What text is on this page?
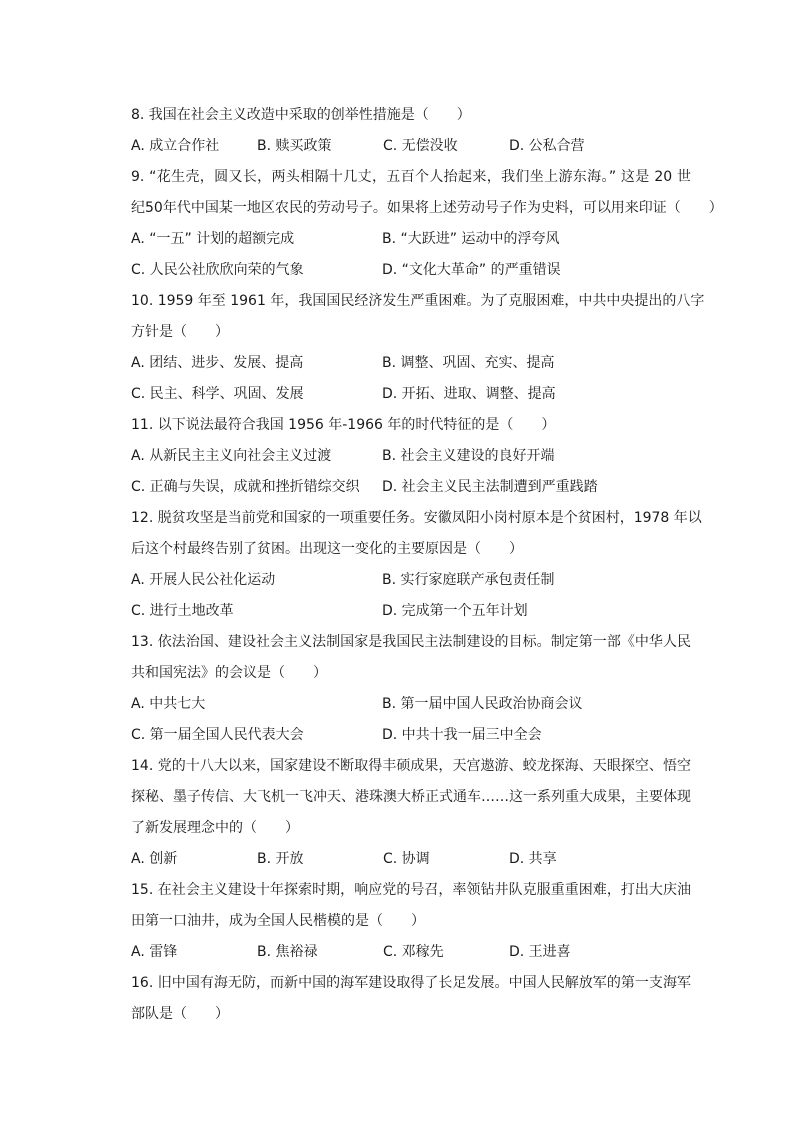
8. 我国在社会主义改造中采取的创举性措施是（　　）
A. 成立合作社	B. 赎买政策	C. 无偿没收	D. 公私合营
9. “花生壳，圆又长，两头相隔十几丈，五百个人抬起来，我们坐上游东海。” 这是 20 世
纪50年代中国某一地区农民的劳动号子。如果将上述劳动号子作为史料，可以用来印证（　　）
A. “一五” 计划的超额完成	B. “大跃进” 运动中的浮夸风
C. 人民公社欣欣向荣的气象	D. “文化大革命” 的严重错误
10. 1959 年至 1961 年，我国国民经济发生严重困难。为了克服困难，中共中央提出的八字
方针是（　　）
A. 团结、进步、发展、提高	B. 调整、巩固、充实、提高
C. 民主、科学、巩固、发展	D. 开拓、进取、调整、提高
11. 以下说法最符合我国 1956 年-1966 年的时代特征的是（　　）
A. 从新民主主义向社会主义过渡	B. 社会主义建设的良好开端
C. 正确与失误，成就和挫折错综交织	D. 社会主义民主法制遭到严重践踏
12. 脱贫攻坚是当前党和国家的一项重要任务。安徽凤阳小岗村原本是个贫困村，1978 年以
后这个村最终告别了贫困。出现这一变化的主要原因是（　　）
A. 开展人民公社化运动	B. 实行家庭联产承包责任制
C. 进行土地改革	D. 完成第一个五年计划
13. 依法治国、建设社会主义法制国家是我国民主法制建设的目标。制定第一部《中华人民
共和国宪法》的会议是（　　）
A. 中共七大	B. 第一届中国人民政治协商会议
C. 第一届全国人民代表大会	D. 中共十我一届三中全会
14. 党的十八大以来，国家建设不断取得丰硕成果，天宫遨游、蛟龙探海、天眼探空、悟空
探秘、墨子传信、大飞机一飞冲天、港珠澳大桥正式通车……这一系列重大成果，主要体现
了新发展理念中的（　　）
A. 创新	B. 开放	C. 协调	D. 共享
15. 在社会主义建设十年探索时期，响应党的号召，率领钻井队克服重重困难，打出大庆油
田第一口油井，成为全国人民楷模的是（　　）
A. 雷锋	B. 焦裕禄	C. 邓稼先	D. 王进喜
16. 旧中国有海无防，而新中国的海军建设取得了长足发展。中国人民解放军的第一支海军
部队是（　　）
